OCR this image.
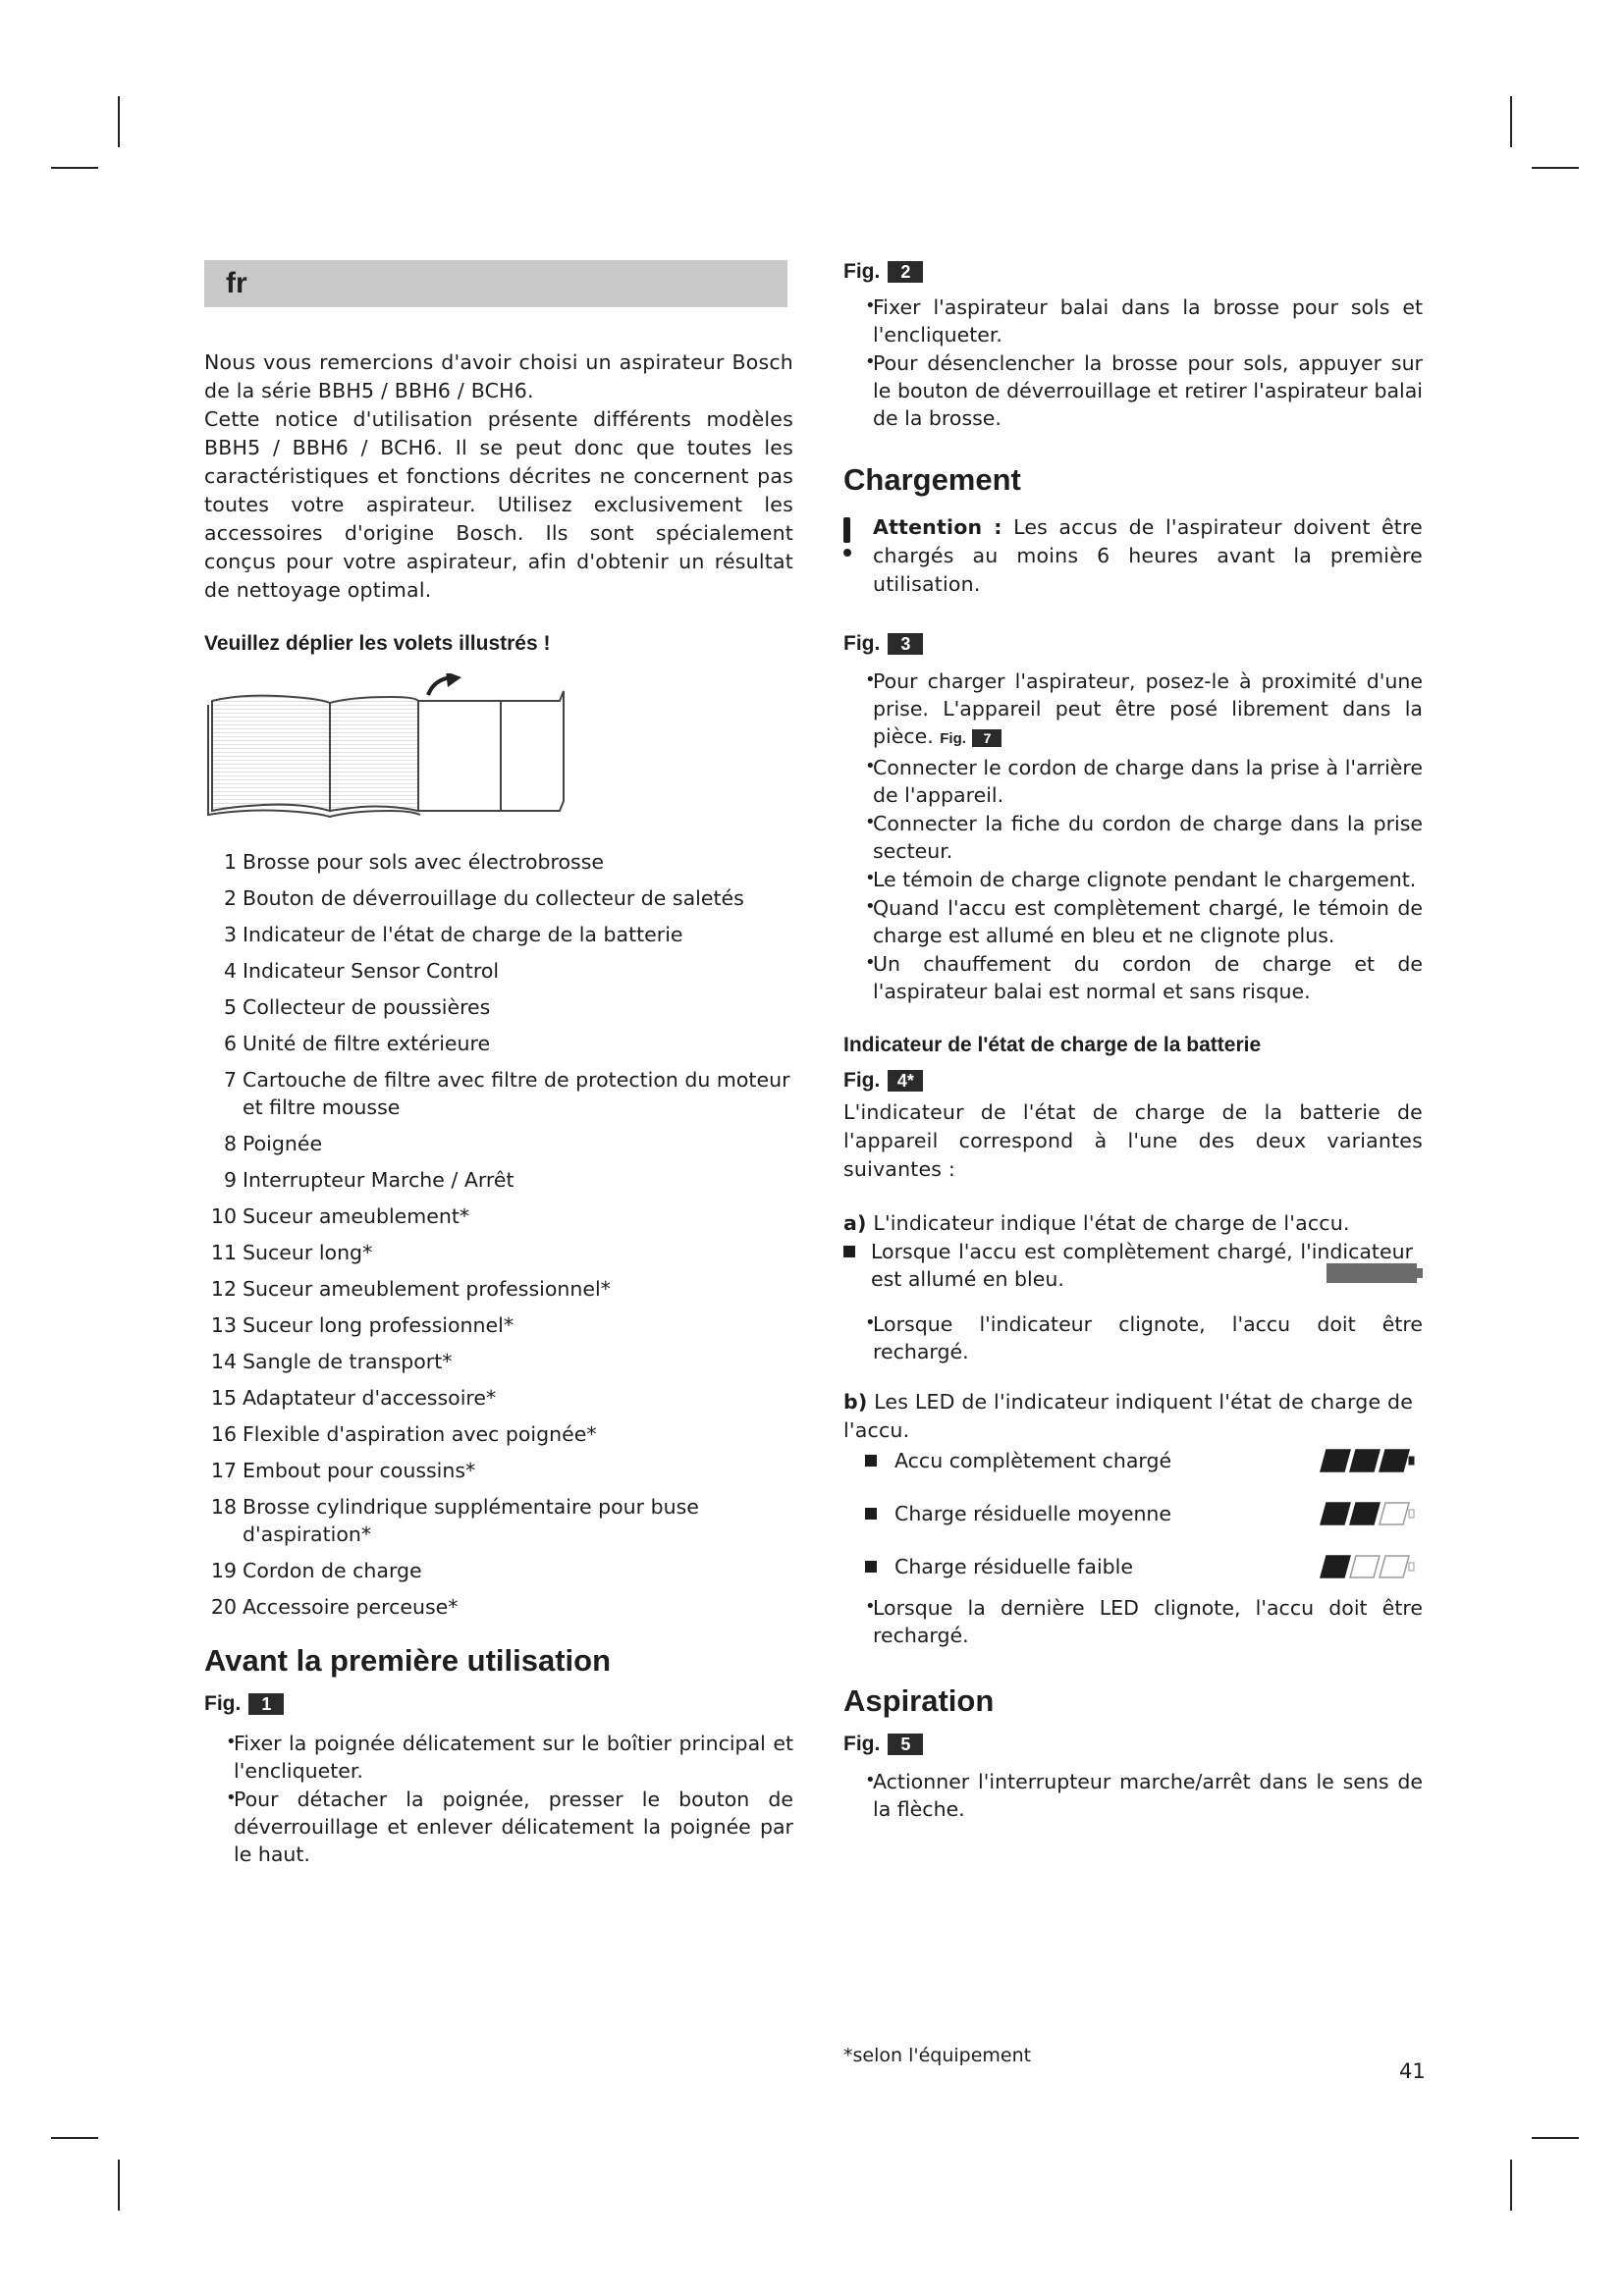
fr

Nous vous remercions d'avoir choisi un aspirateur Bosch de la série BBH5 / BBH6 / BCH6.

Cette notice d'utilisation présente différents modèles BBH5 / BBH6 / BCH6. Il se peut donc que toutes les caractéristiques et fonctions décrites ne concernent pas toutes votre aspirateur. Utilisez exclusivement les accessoires d'origine Bosch. Ils sont spécialement conçus pour votre aspirateur, afin d'obtenir un résultat de nettoyage optimal.

Veuillez déplier les volets illustrés !

1 Brosse pour sols avec électrobrosse
2 Bouton de déverrouillage du collecteur de saletés
3 Indicateur de l'état de charge de la batterie
4 Indicateur Sensor Control
5 Collecteur de poussières
6 Unité de filtre extérieure
7 Cartouche de filtre avec filtre de protection du moteur et filtre mousse
8 Poignée
9 Interrupteur Marche / Arrêt
10 Suceur ameublement*
11 Suceur long*
12 Suceur ameublement professionnel*
13 Suceur long professionnel*
14 Sangle de transport*
15 Adaptateur d'accessoire*
16 Flexible d'aspiration avec poignée*
17 Embout pour coussins*
18 Brosse cylindrique supplémentaire pour buse d'aspiration*
19 Cordon de charge
20 Accessoire perceuse*
Avant la première utilisation
Fig.	1
• Fixer la poignée délicatement sur le boîtier principal et l'encliqueter.
• Pour détacher la poignée, presser le bouton de déverrouillage et enlever délicatement la poignée par le haut.
Fig.	2
• Fixer l'aspirateur balai dans la brosse pour sols et l'encliqueter.
• Pour désenclencher la brosse pour sols, appuyer sur le bouton de déverrouillage et retirer l'aspirateur balai de la brosse.
Chargement

Attention : Les accus de l'aspirateur doivent être chargés au moins 6 heures avant la première utilisation.

Fig.	3
• Pour charger l'aspirateur, posez-le à proximité d'une prise. L'appareil peut être posé librement dans la pièce. Fig. 7
• Connecter le cordon de charge dans la prise à l'arrière de l'appareil.
• Connecter la fiche du cordon de charge dans la prise secteur.
• Le témoin de charge clignote pendant le chargement.
• Quand l'accu est complètement chargé, le témoin de charge est allumé en bleu et ne clignote plus.
• Un chauffement du cordon de charge et de l'aspirateur balai est normal et sans risque.

Indicateur de l'état de charge de la batterie

Fig. 4*

L'indicateur de l'état de charge de la batterie de l'appareil correspond à l'une des deux variantes suivantes :

a) L'indicateur indique l'état de charge de l'accu.

Lorsque l'accu est complètement chargé, l'indicateur est allumé en bleu.
• Lorsque l'indicateur clignote, l'accu doit être rechargé.

b) Les LED de l'indicateur indiquent l'état de charge de l'accu.

Accu complètement chargé
Charge résiduelle moyenne
Charge résiduelle faible
• Lorsque la dernière LED clignote, l'accu doit être rechargé.
Aspiration
Fig.	5
• Actionner l'interrupteur marche/arrêt dans le sens de la flèche.
*selon l'équipement
41
